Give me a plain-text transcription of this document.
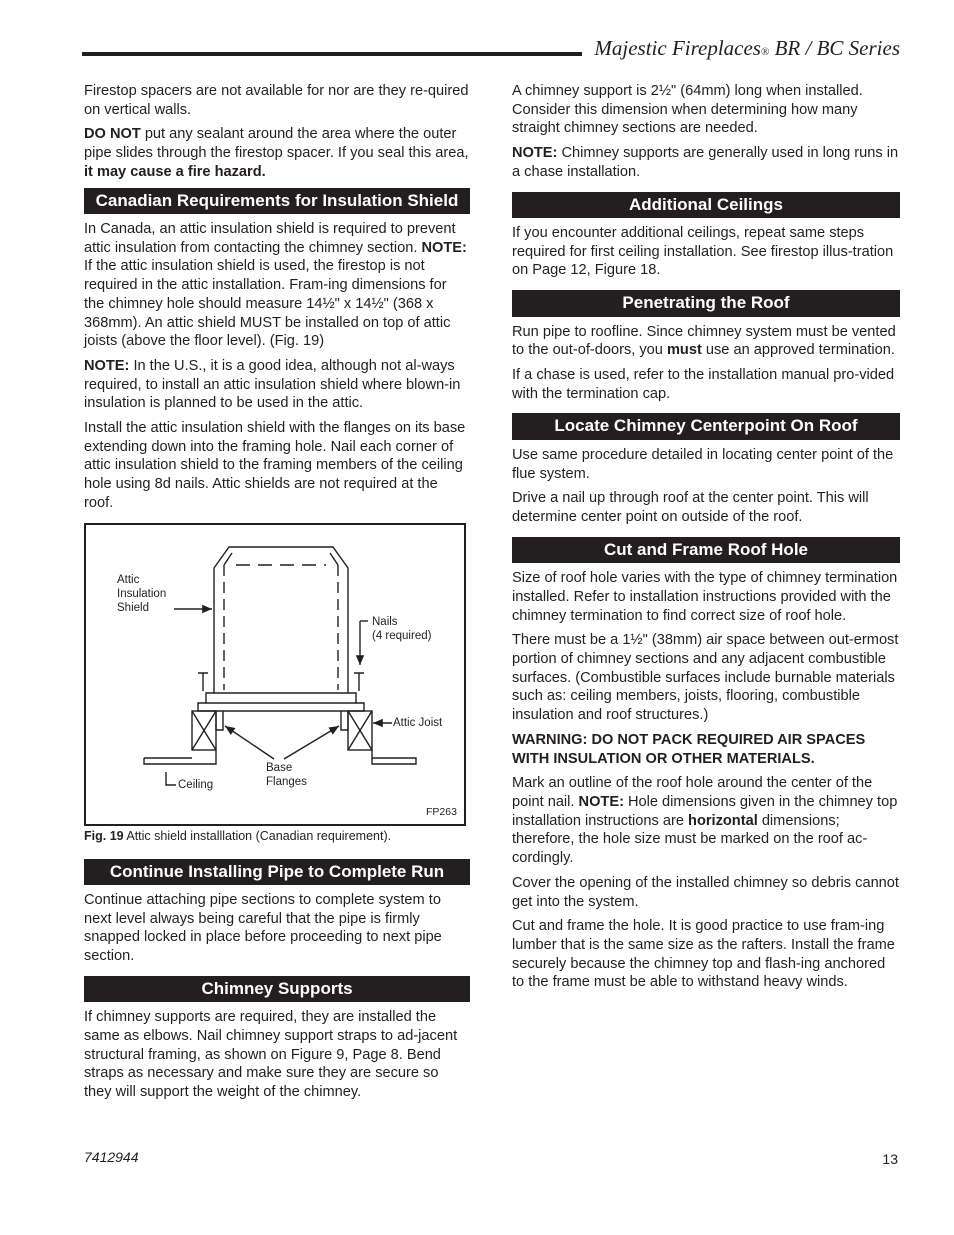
Majestic Fireplaces® BR / BC Series

Firestop spacers are not available for nor are they re-quired on vertical walls.

DO NOT put any sealant around the area where the outer pipe slides through the firestop spacer. If you seal this area, it may cause a fire hazard.

Canadian Requirements for Insulation Shield

In Canada, an attic insulation shield is required to prevent attic insulation from contacting the chimney section. NOTE: If the attic insulation shield is used, the firestop is not required in the attic installation. Fram-ing dimensions for the chimney hole should measure 14½" x 14½" (368 x 368mm). An attic shield MUST be installed on top of attic joists (above the floor level). (Fig. 19)

NOTE: In the U.S., it is a good idea, although not al-ways required, to install an attic insulation shield where blown-in insulation is planned to be used in the attic.

Install the attic insulation shield with the flanges on its base extending down into the framing hole. Nail each corner of attic insulation shield to the framing members of the ceiling hole using 8d nails. Attic shields are not required at the roof.

Attic
Insulation
Shield
Nails
(4 required)
Attic Joist
Base
Flanges
Ceiling
FP263
Fig. 19 Attic shield installlation (Canadian requirement).
Continue Installing Pipe to Complete Run

Continue attaching pipe sections to complete system to next level always being careful that the pipe is firmly snapped locked in place before proceeding to next pipe section.

Chimney Supports

If chimney supports are required, they are installed the same as elbows. Nail chimney support straps to ad-jacent structural framing, as shown on Figure 9, Page 8. Bend straps as necessary and make sure they are secure so they will support the weight of the chimney.

A chimney support is 2½" (64mm) long when installed. Consider this dimension when determining how many straight chimney sections are needed.

NOTE: Chimney supports are generally used in long runs in a chase installation.

Additional Ceilings

If you encounter additional ceilings, repeat same steps required for first ceiling installation. See firestop illus-tration on Page 12, Figure 18.

Penetrating the Roof

Run pipe to roofline. Since chimney system must be vented to the out-of-doors, you must use an approved termination.

If a chase is used, refer to the installation manual pro-vided with the termination cap.

Locate Chimney Centerpoint On Roof

Use same procedure detailed in locating center point of the flue system.

Drive a nail up through roof at the center point. This will determine center point on outside of the roof.

Cut and Frame Roof Hole

Size of roof hole varies with the type of chimney termination installed. Refer to installation instructions provided with the chimney termination to find correct size of roof hole.

There must be a 1½" (38mm) air space between out-ermost portion of chimney sections and any adjacent combustible surfaces. (Combustible surfaces include burnable materials such as: ceiling members, joists, flooring, combustible insulation and roof structures.)

WARNING: DO NOT PACK REQUIRED AIR SPACES WITH INSULATION OR OTHER MATERIALS.

Mark an outline of the roof hole around the center of the point nail. NOTE: Hole dimensions given in the chimney top installation instructions are horizontal dimensions; therefore, the hole size must be marked on the roof ac-cordingly.

Cover the opening of the installed chimney so debris cannot get into the system.

Cut and frame the hole. It is good practice to use fram-ing lumber that is the same size as the rafters. Install the frame securely because the chimney top and flash-ing anchored to the frame must be able to withstand heavy winds.

7412944	13
